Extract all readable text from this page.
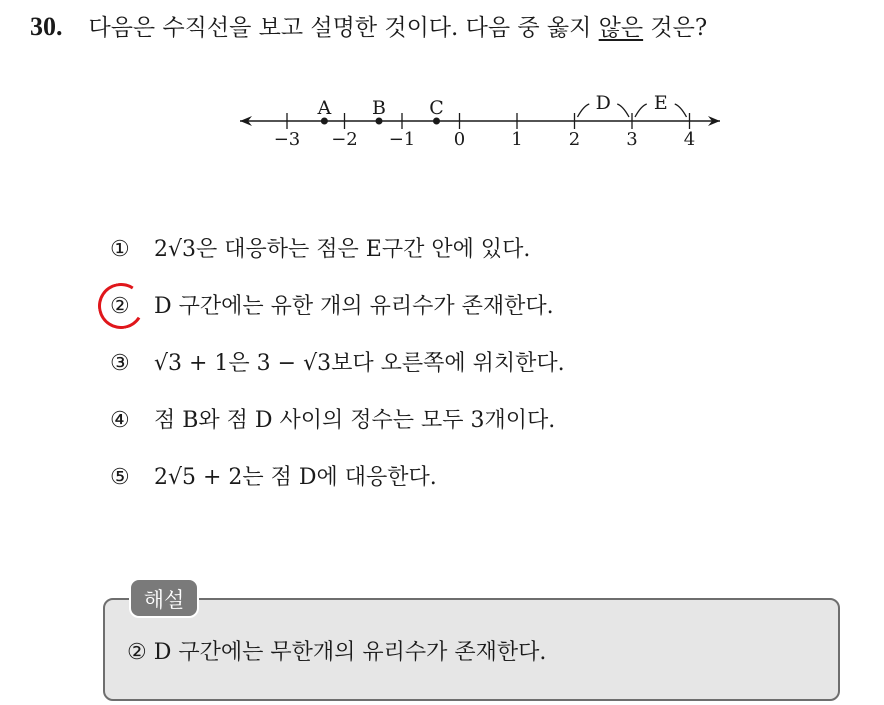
30. 다음은 수직선을 보고 설명한 것이다. 다음 중 옳지 않은 것은?
−3 −2 −1 0	1	2	3	4
A B C	D E
① 2√3은 대응하는 점은 E구간 안에 있다.
② D 구간에는 유한 개의 유리수가 존재한다.
③ √3 + 1은 3 − √3보다 오른쪽에 위치한다.
④ 점 B와 점 D 사이의 정수는 모두 3개이다.
⑤ 2√5 + 2는 점 D에 대응한다.
해설
② D 구간에는 무한개의 유리수가 존재한다.
